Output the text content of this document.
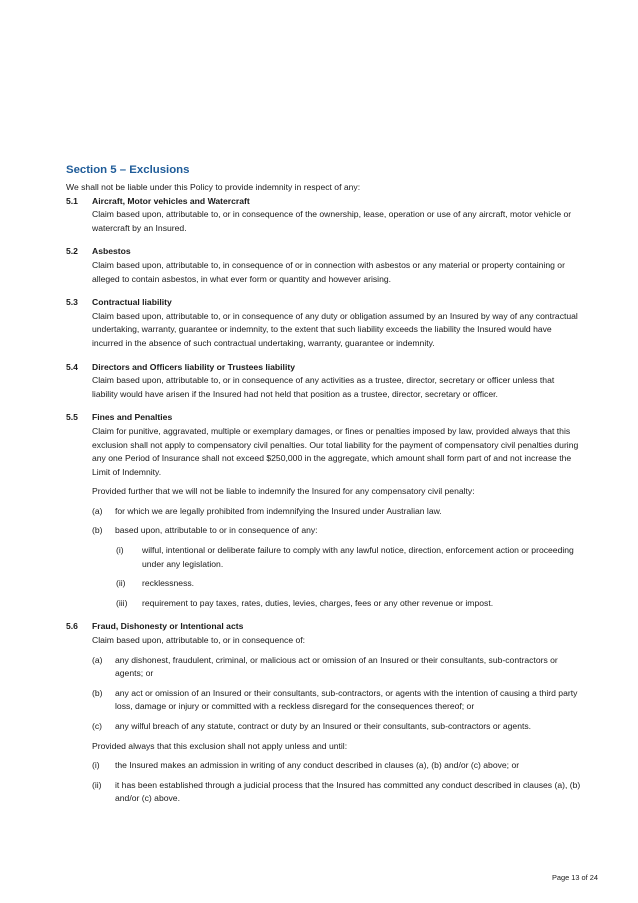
Section 5 – Exclusions

We shall not be liable under this Policy to provide indemnity in respect of any:

5.1 Aircraft, Motor vehicles and Watercraft

Claim based upon, attributable to, or in consequence of the ownership, lease, operation or use of any aircraft, motor vehicle or watercraft by an Insured.

5.2 Asbestos

Claim based upon, attributable to, in consequence of or in connection with asbestos or any material or property containing or alleged to contain asbestos, in what ever form or quantity and however arising.

5.3 Contractual liability

Claim based upon, attributable to, or in consequence of any duty or obligation assumed by an Insured by way of any contractual undertaking, warranty, guarantee or indemnity, to the extent that such liability exceeds the liability the Insured would have incurred in the absence of such contractual undertaking, warranty, guarantee or indemnity.

5.4 Directors and Officers liability or Trustees liability

Claim based upon, attributable to, or in consequence of any activities as a trustee, director, secretary or officer unless that liability would have arisen if the Insured had not held that position as a trustee, director, secretary or officer.

5.5 Fines and Penalties

Claim for punitive, aggravated, multiple or exemplary damages, or fines or penalties imposed by law, provided always that this exclusion shall not apply to compensatory civil penalties. Our total liability for the payment of compensatory civil penalties during any one Period of Insurance shall not exceed $250,000 in the aggregate, which amount shall form part of and not increase the Limit of Indemnity.

Provided further that we will not be liable to indemnify the Insured for any compensatory civil penalty:

(a) for which we are legally prohibited from indemnifying the Insured under Australian law.
(b) based upon, attributable to or in consequence of any:
(i) wilful, intentional or deliberate failure to comply with any lawful notice, direction, enforcement action or proceeding under any legislation.
(ii) recklessness.
(iii) requirement to pay taxes, rates, duties, levies, charges, fees or any other revenue or impost.
5.6 Fraud, Dishonesty or Intentional acts

Claim based upon, attributable to, or in consequence of:

(a) any dishonest, fraudulent, criminal, or malicious act or omission of an Insured or their consultants, sub-contractors or agents; or
(b) any act or omission of an Insured or their consultants, sub-contractors, or agents with the intention of causing a third party loss, damage or injury or committed with a reckless disregard for the consequences thereof; or
(c) any wilful breach of any statute, contract or duty by an Insured or their consultants, sub-contractors or agents.

Provided always that this exclusion shall not apply unless and until:

(i) the Insured makes an admission in writing of any conduct described in clauses (a), (b) and/or (c) above; or
(ii) it has been established through a judicial process that the Insured has committed any conduct described in clauses (a), (b) and/or (c) above.
Page 13 of 24
